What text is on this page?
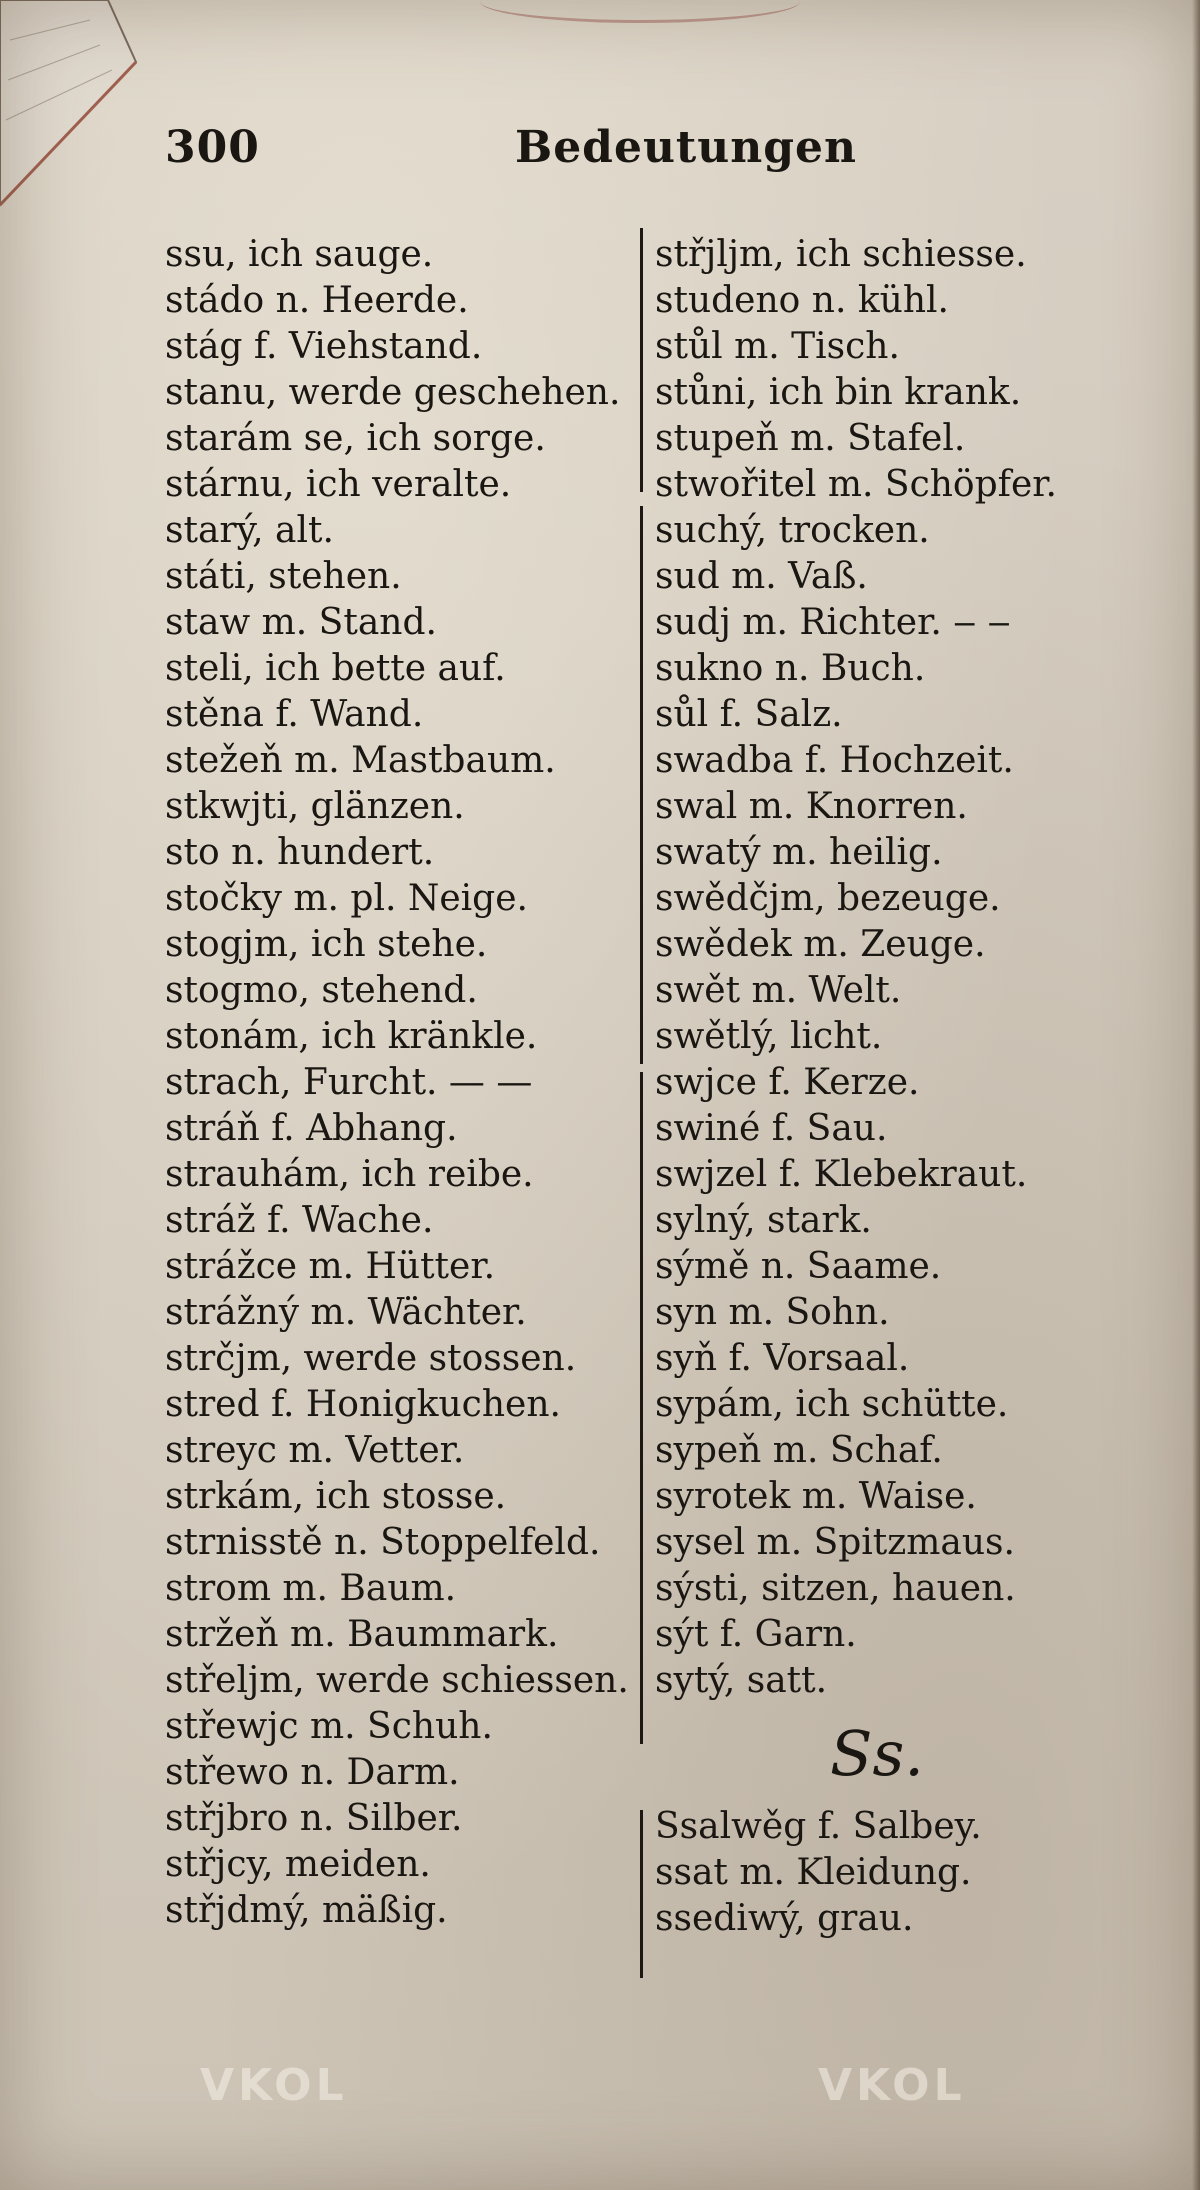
300	Bedeutungen
ssu, ich sauge.
stádo n. Heerde.
stág f. Viehstand.
stanu, werde geschehen.
starám se, ich sorge.
stárnu, ich veralte.
starý, alt.
státi, stehen.
staw m. Stand.
steli, ich bette auf.
stěna f. Wand.
stežeň m. Mastbaum.
stkwjti, glänzen.
sto n. hundert.
stočky m. pl. Neige.
stogjm, ich stehe.
stogmo, stehend.
stonám, ich kränkle.
strach, Furcht. — —
stráň f. Abhang.
strauhám, ich reibe.
stráž f. Wache.
strážce m. Hütter.
strážný m. Wächter.
strčjm, werde stossen.
stred f. Honigkuchen.
streyc m. Vetter.
strkám, ich stosse.
strnisstě n. Stoppelfeld.
strom m. Baum.
stržeň m. Baummark.
střeljm, werde schiessen.
střewjc m. Schuh.
střewo n. Darm.
střjbro n. Silber.
střjcy, meiden.
střjdmý, mäßig.
střjljm, ich schiesse.
studeno n. kühl.
stůl m. Tisch.
stůni, ich bin krank.
stupeň m. Stafel.
stwořitel m. Schöpfer.
suchý, trocken.
sud m. Vaß.
sudj m. Richter. ‒ ‒
sukno n. Buch.
sůl f. Salz.
swadba f. Hochzeit.
swal m. Knorren.
swatý m. heilig.
swědčjm, bezeuge.
swědek m. Zeuge.
swět m. Welt.
swětlý, licht.
swjce f. Kerze.
swiné f. Sau.
swjzel f. Klebekraut.
sylný, stark.
sýmě n. Saame.
syn m. Sohn.
syň f. Vorsaal.
sypám, ich schütte.
sypeň m. Schaf.
syrotek m. Waise.
sysel m. Spitzmaus.
sýsti, sitzen, hauen.
sýt f. Garn.
sytý, satt.
Ss.
Ssalwěg f. Salbey.
ssat m. Kleidung.
ssediwý, grau.
VKOL	VKOL
